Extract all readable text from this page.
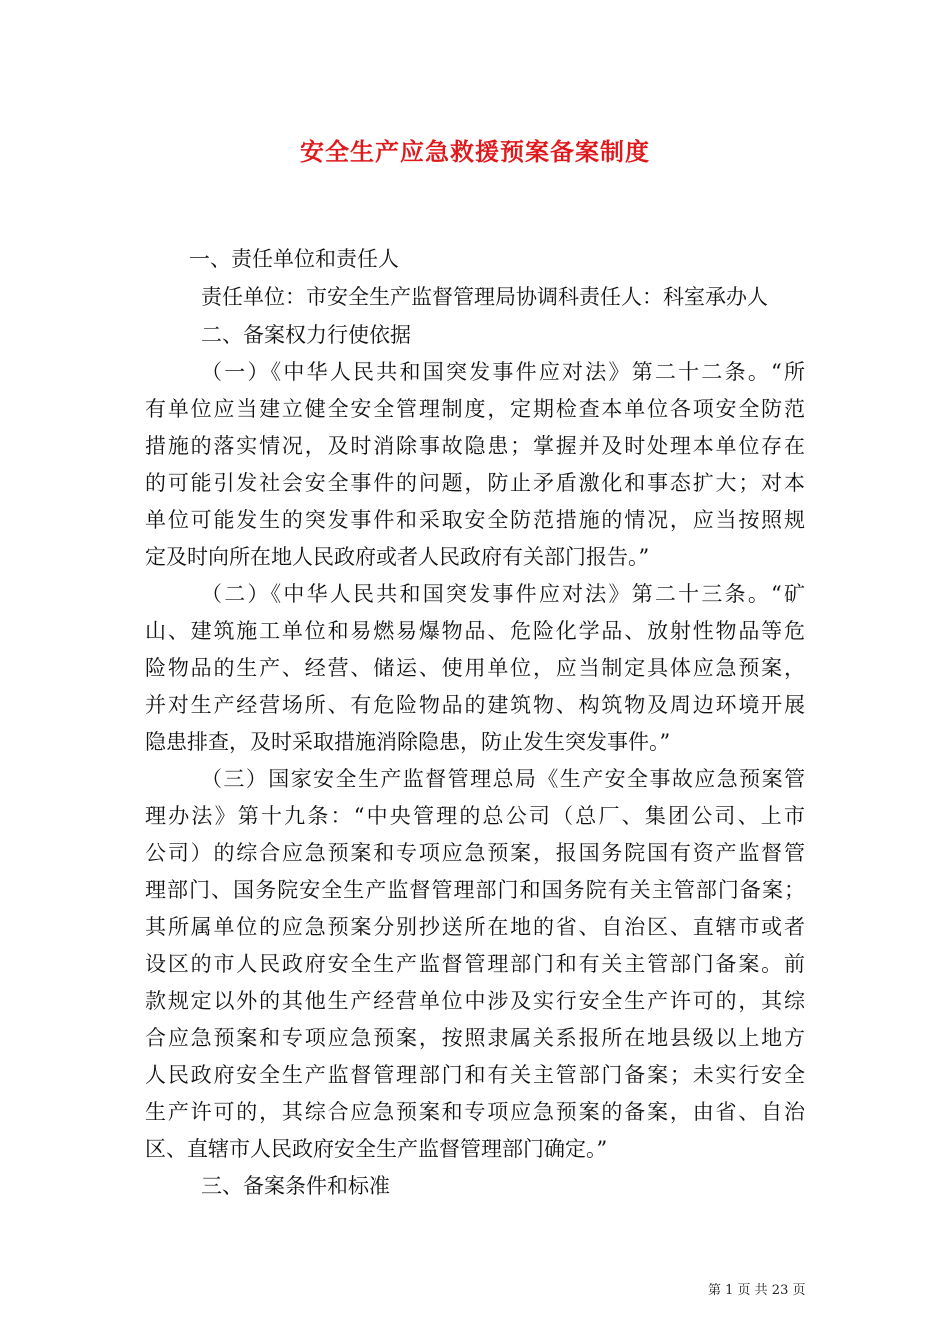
安全生产应急救援预案备案制度
一、责任单位和责任人
责任单位：市安全生产监督管理局协调科责任人：科室承办人
二、备案权力行使依据
（一）《中华人民共和国突发事件应对法》第二十二条。“所
有单位应当建立健全安全管理制度，定期检查本单位各项安全防范
措施的落实情况，及时消除事故隐患；掌握并及时处理本单位存在
的可能引发社会安全事件的问题，防止矛盾激化和事态扩大；对本
单位可能发生的突发事件和采取安全防范措施的情况，应当按照规
定及时向所在地人民政府或者人民政府有关部门报告。”
（二）《中华人民共和国突发事件应对法》第二十三条。“矿
山、建筑施工单位和易燃易爆物品、危险化学品、放射性物品等危
险物品的生产、经营、储运、使用单位，应当制定具体应急预案，
并对生产经营场所、有危险物品的建筑物、构筑物及周边环境开展
隐患排查，及时采取措施消除隐患，防止发生突发事件。”
（三）国家安全生产监督管理总局《生产安全事故应急预案管
理办法》第十九条：“中央管理的总公司（总厂、集团公司、上市
公司）的综合应急预案和专项应急预案，报国务院国有资产监督管
理部门、国务院安全生产监督管理部门和国务院有关主管部门备案；
其所属单位的应急预案分别抄送所在地的省、自治区、直辖市或者
设区的市人民政府安全生产监督管理部门和有关主管部门备案。前
款规定以外的其他生产经营单位中涉及实行安全生产许可的，其综
合应急预案和专项应急预案，按照隶属关系报所在地县级以上地方
人民政府安全生产监督管理部门和有关主管部门备案；未实行安全
生产许可的，其综合应急预案和专项应急预案的备案，由省、自治
区、直辖市人民政府安全生产监督管理部门确定。”
三、备案条件和标准
第 1 页 共 23 页
